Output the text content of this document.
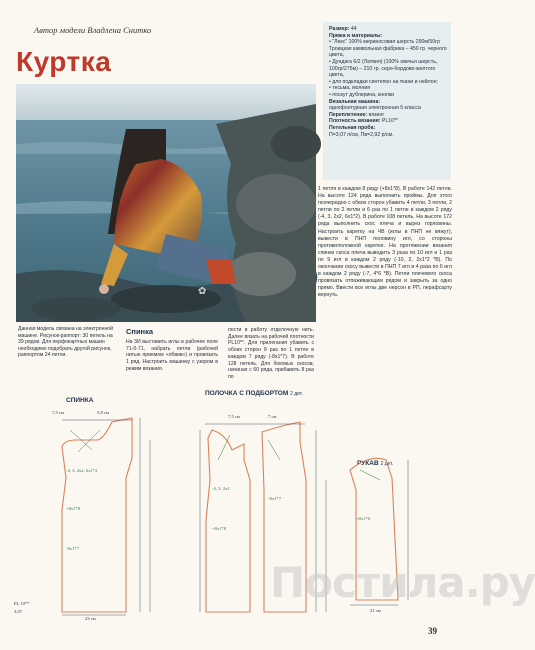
Автор модели Владлена Снитко
Куртка
✿
Размер: 44
Пряжа и материалы:
• "Лекс" 100% мериносовая шерсть 290м/50гр Троицкая камвольная фабрика – 450 гр. черного цвета,
• Дундага 6/2 (Латвия) (100% овечья шерсть, 100гр/275м) – 210 гр. серо-бордово-желтого цвета,
• для подкладки синтепон на ткани и нейлон;
• тесьма, молния
• поскут дублерина, кнопки
Вязальная машина:
однофонтурная электронная 5 класса
Переплетение: вязинг
Плотность вязания: PL10**
Петельная проба:
П=3,07 п/см, Пв=2,92 р/см.

1 петля в каждом 8 ряду (+8х1*8). В работе 142 петли. На высоте 124 ряда выполнить проймы. Для этого поочередно с обеих сторон убавить 4 петли, 3 петли, 2 петли по 2 петли и 6 раз по 1 петле в каждом 2 ряду (-4, 3, 2х2, 6х1*2). В работе 108 петель. На высоте 172 ряда выполнить скос плеча и вырез горловины. Настроить каретку на ЧВ (иглы в ПНП не вяжут), вывести в ПНП половину игл, со стороны противоположной каретке. На протяжении вязания спинки скоса плеча выводить 3 раза по 10 игл и 1 раз по 9 игл в каждом 2 ряду (-10, 2, 2х1*2 *В). По окончании скосу вывести в ПНП 7 игл и 4 раза по 6 игл в каждом 2 ряду (-7, 4*6 *В). Петли плечевого скоса провязать отпаживающим рядом и закрыть за одно прямо. Ввести все иглы две нерсон в РП, перафсарту вернуть.

Данная модель связана на электронной машине. Рисунок-раппорт: 30 петель на 39 рядов. Для перфокартных машин необходимо подобрать другой рисунок, раппортом 24 петли.
Спинка

На 3И выставить иглы в рабочее поле 71-0-71, набрать петли (рабочей нитью приемом «обвив») и провязать 1 ряд. Настроить машинку с узором в режим вязания.

пости в работу отделочную нить. Далее вязать на рабочей плотности PL10**. Для прилегания убавить с обоих сторон 8 раз по 1 петле в каждом 7 ряду (-8х1*7). В работе 128 петель. Для боковых скосов, начиная с 60 ряда, прибавить 8 раз по

СПИНКА
ПОЛОЧКА С ПОДБОРТОМ 2 дет.
РУКАВ 2 дет.
7,5 см	5,8 см
23 см
7,5 см	7 см
21 см
-4, 3, 2х2, 6х1*2
+8х1*8
-8х1*7
-4, 3, 2х2
+8х1*8
-8х1*7
+8х1*6
PL 10**
3,07
Постила.ру
39
